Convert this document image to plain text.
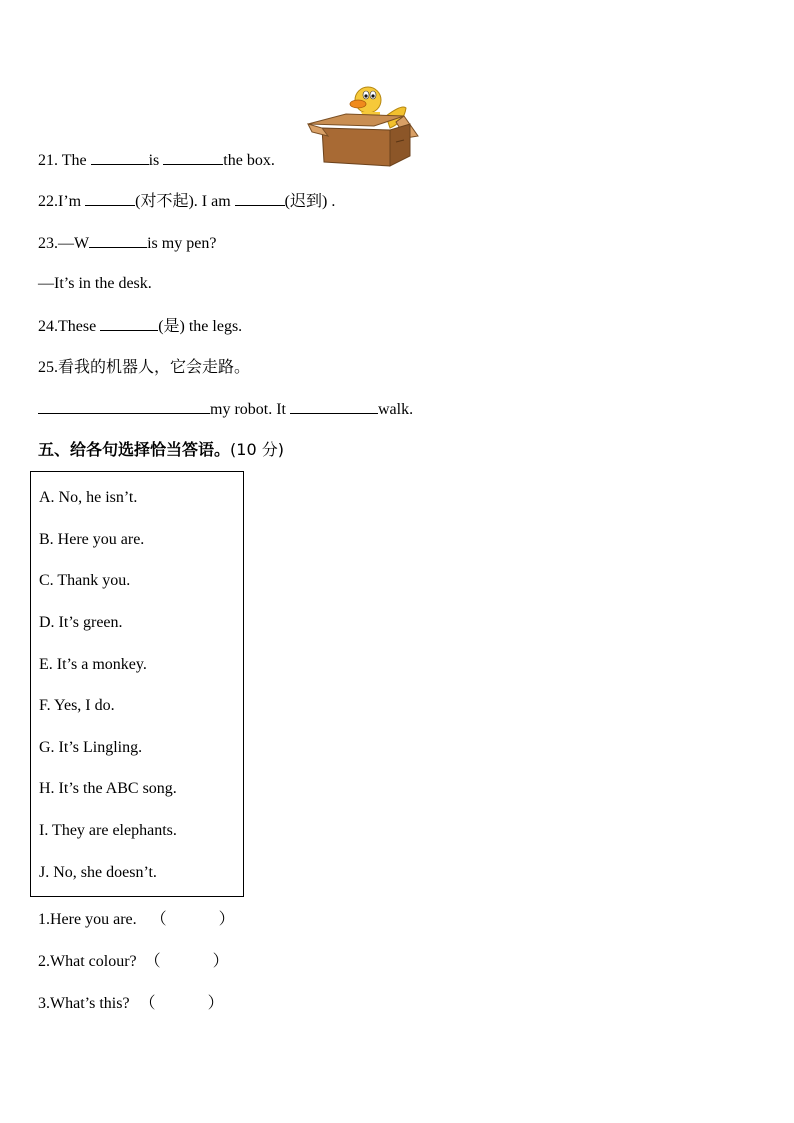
21. The	is	the box.
22.I’m	(对不起). I am	(迟到) .
23.—W	is my pen?
—It’s in the desk.
24.These	(是) the legs.
25.看我的机器人，它会走路。
my robot. It	walk.
五、给各句选择恰当答语。(10 分)
A. No, he isn’t.
B. Here you are.
C. Thank you.
D. It’s green.
E. It’s a monkey.
F. Yes, I do.
G. It’s Lingling.
H. It’s the ABC song.
I. They are elephants.
J. No, she doesn’t.
1.Here you are. （	）
2.What colour? （	）
3.What’s this? （	）
